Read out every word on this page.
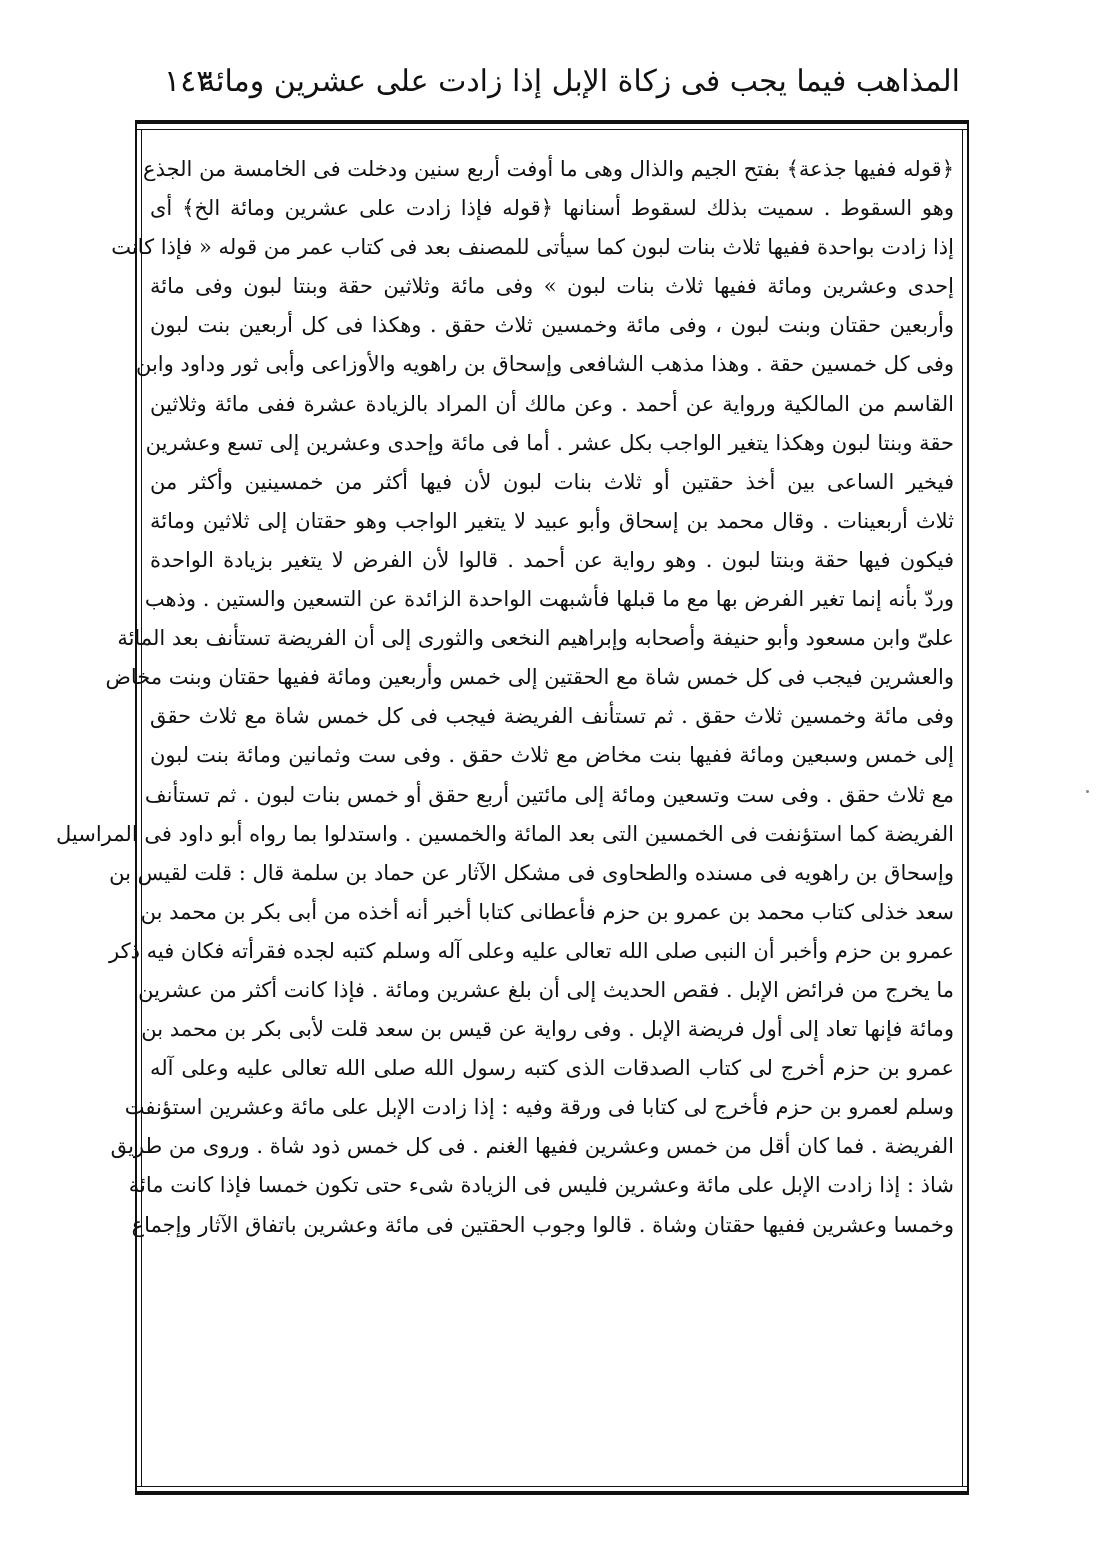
المذاهب فيما يجب فى زكاة الإبل إذا زادت على عشرين ومائة
١٤٣
﴿قوله ففيها جذعة﴾ بفتح الجيم والذال وهى ما أوفت أربع سنين ودخلت فى الخامسة من الجذع
وهو السقوط . سميت بذلك لسقوط أسنانها ﴿قوله فإذا زادت على عشرين ومائة الخ﴾ أى
إذا زادت بواحدة ففيها ثلاث بنات لبون كما سيأتى للمصنف بعد فى كتاب عمر من قوله « فإذا كانت
إحدى وعشرين ومائة ففيها ثلاث بنات لبون » وفى مائة وثلاثين حقة وبنتا لبون وفى مائة
وأربعين حقتان وبنت لبون ، وفى مائة وخمسين ثلاث حقق . وهكذا فى كل أربعين بنت لبون
وفى كل خمسين حقة . وهذا مذهب الشافعى وإسحاق بن راهويه والأوزاعى وأبى ثور وداود وابن
القاسم من المالكية ورواية عن أحمد . وعن مالك أن المراد بالزيادة عشرة ففى مائة وثلاثين
حقة وبنتا لبون وهكذا يتغير الواجب بكل عشر . أما فى مائة وإحدى وعشرين إلى تسع وعشرين
فيخير الساعى بين أخذ حقتين أو ثلاث بنات لبون لأن فيها أكثر من خمسينين وأكثر من
ثلاث أربعينات . وقال محمد بن إسحاق وأبو عبيد لا يتغير الواجب وهو حقتان إلى ثلاثين ومائة
فيكون فيها حقة وبنتا لبون . وهو رواية عن أحمد . قالوا لأن الفرض لا يتغير بزيادة الواحدة
وردّ بأنه إنما تغير الفرض بها مع ما قبلها فأشبهت الواحدة الزائدة عن التسعين والستين . وذهب
علىّ وابن مسعود وأبو حنيفة وأصحابه وإبراهيم النخعى والثورى إلى أن الفريضة تستأنف بعد المائة
والعشرين فيجب فى كل خمس شاة مع الحقتين إلى خمس وأربعين ومائة ففيها حقتان وبنت مخاض
وفى مائة وخمسين ثلاث حقق . ثم تستأنف الفريضة فيجب فى كل خمس شاة مع ثلاث حقق
إلى خمس وسبعين ومائة ففيها بنت مخاض مع ثلاث حقق . وفى ست وثمانين ومائة بنت لبون
مع ثلاث حقق . وفى ست وتسعين ومائة إلى مائتين أربع حقق أو خمس بنات لبون . ثم تستأنف
الفريضة كما استؤنفت فى الخمسين التى بعد المائة والخمسين . واستدلوا بما رواه أبو داود فى المراسيل
وإسحاق بن راهويه فى مسنده والطحاوى فى مشكل الآثار عن حماد بن سلمة قال : قلت لقيس بن
سعد خذلى كتاب محمد بن عمرو بن حزم فأعطانى كتابا أخبر أنه أخذه من أبى بكر بن محمد بن
عمرو بن حزم وأخبر أن النبى صلى الله تعالى عليه وعلى آله وسلم كتبه لجده فقرأته فكان فيه ذكر
ما يخرج من فرائض الإبل . فقص الحديث إلى أن بلغ عشرين ومائة . فإذا كانت أكثر من عشرين
ومائة فإنها تعاد إلى أول فريضة الإبل . وفى رواية عن قيس بن سعد قلت لأبى بكر بن محمد بن
عمرو بن حزم أخرج لى كتاب الصدقات الذى كتبه رسول الله صلى الله تعالى عليه وعلى آله
وسلم لعمرو بن حزم فأخرج لى كتابا فى ورقة وفيه : إذا زادت الإبل على مائة وعشرين استؤنفت
الفريضة . فما كان أقل من خمس وعشرين ففيها الغنم . فى كل خمس ذود شاة . وروى من طريق
شاذ : إذا زادت الإبل على مائة وعشرين فليس فى الزيادة شىء حتى تكون خمسا فإذا كانت مائة
وخمسا وعشرين ففيها حقتان وشاة . قالوا وجوب الحقتين فى مائة وعشرين باتفاق الآثار وإجماع
